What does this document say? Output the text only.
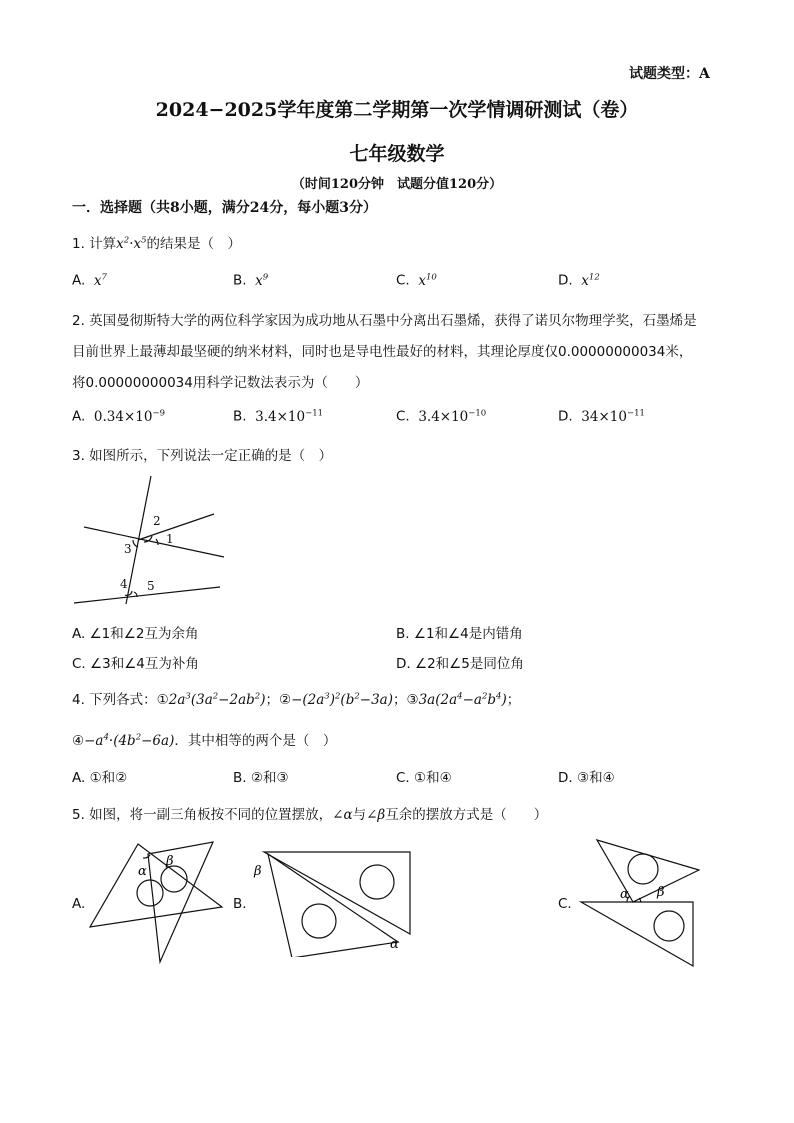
试题类型：A
2024−2025学年度第二学期第一次学情调研测试（卷）
七年级数学
（时间120分钟　试题分值120分）
一．选择题（共8小题，满分24分，每小题3分）
1. 计算$x^2\cdot x^5$的结果是（　）
A. $x^7$	B. $x^9$	C. $x^{10}$	D. $x^{12}$
2. 英国曼彻斯特大学的两位科学家因为成功地从石墨中分离出石墨烯，获得了诺贝尔物理学奖，石墨烯是
目前世界上最薄却最坚硬的纳米材料，同时也是导电性最好的材料，其理论厚度仅0.00000000034米，
将0.00000000034用科学记数法表示为（　　）
A. $0.34\times 10^{-9}$	B. $3.4\times 10^{-11}$	C. $3.4\times 10^{-10}$	D. $34\times 10^{-11}$
3. 如图所示，下列说法一定正确的是（　）
1
2
3
4 5
A. ∠1和∠2互为余角	B. ∠1和∠4是内错角
C. ∠3和∠4互为补角	D. ∠2和∠5是同位角
4. 下列各式：$①2a^3(3a^2-2ab^2)$；$②-(2a^3)^2(b^2-3a)$；$③3a(2a^4-a^2b^4)$；
$④-a^4\cdot(4b^2-6a)$．其中相等的两个是（　）
A. ①和②	B. ②和③	C. ①和④	D. ③和④
5. 如图，将一副三角板按不同的位置摆放，∠α与∠β互余的摆放方式是（　　）
A.
α
β
B.
β
α
C.
α β
